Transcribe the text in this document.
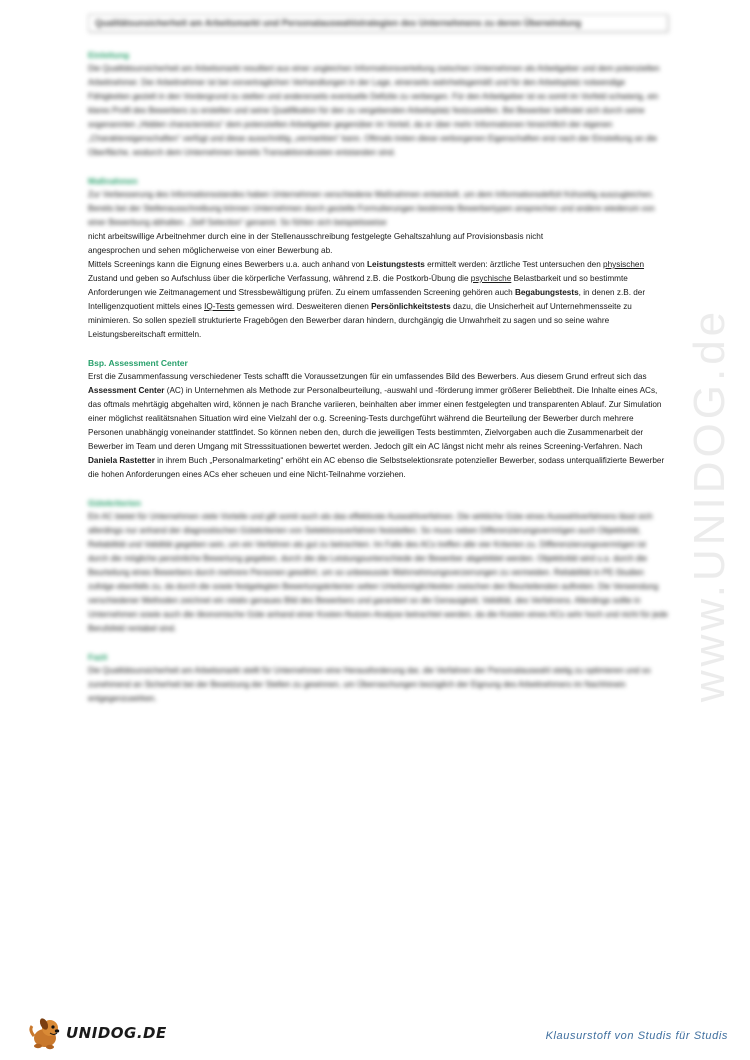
Qualitätsunsicherheit am Arbeitsmarkt und Personalauswahlstrategien des Unternehmens zu deren Überwindung
Einleitung

Die Qualitätsunsicherheit am Arbeitsmarkt resultiert aus einer ungleichen Informationsverteilung zwischen Unternehmen als Arbeitgeber und dem potenziellen Arbeitnehmer. Der Arbeitnehmer ist bei vorvertraglichen Verhandlungen in der Lage, einerseits wahrheitsgemäß und für den Arbeitsplatz notwendige Fähigkeiten gezielt in den Vordergrund zu stellen und andererseits eventuelle Defizite zu verbergen. Für den Arbeitgeber ist es somit im Vorfeld schwierig, ein klares Profil des Bewerbers zu erstellen und seine Qualifikation für den zu vergebenden Arbeitsplatz festzustellen. Bei Bewerber befindet sich durch seine sogenannten „Hidden characteristics“ dem potenziellen Arbeitgeber gegenüber im Vorteil, da er über mehr Informationen hinsichtlich der eigenen „Charaktereigenschaften“ verfügt und diese ausschnittig „vermarkten“ kann. Oftmals treten diese verborgenen Eigenschaften erst nach der Einstellung an die Oberfläche, wodurch dem Unternehmen bereits Transaktionskosten entstanden sind.

Maßnahmen

Zur Verbesserung des Informationsstandes haben Unternehmen verschiedene Maßnahmen entwickelt, um dem Informationsdefizit frühzeitig auszugleichen. Bereits bei der Stellenausschreibung können Unternehmen durch gezielte Formulierungen bestimmte Bewerbertypen ansprechen und andere wiederum von einer Bewerbung abhalten. „Self Selection“ genannt. So fühlen sich beispielsweise

nicht arbeitswillige Arbeitnehmer durch eine in der Stellenausschreibung festgelegte Gehaltszahlung auf Provisionsbasis nicht

angesprochen und sehen möglicherweise von einer Bewerbung ab.

Mittels Screenings kann die Eignung eines Bewerbers u.a. auch anhand von Leistungstests ermittelt werden: ärztliche Test untersuchen den physischen Zustand und geben so Aufschluss über die körperliche Verfassung, während z.B. die Postkorb-Übung die psychische Belastbarkeit und so bestimmte Anforderungen wie Zeitmanagement und Stressbewältigung prüfen. Zu einem umfassenden Screening gehören auch Begabungstests, in denen z.B. der Intelligenzquotient mittels eines IQ-Tests gemessen wird. Desweiteren dienen Persönlichkeitstests dazu, die Unsicherheit auf Unternehmensseite zu minimieren. So sollen speziell strukturierte Fragebögen den Bewerber daran hindern, durchgängig die Unwahrheit zu sagen und so seine wahre Leistungsbereitschaft ermitteln.

Bsp. Assessment Center

Erst die Zusammenfassung verschiedener Tests schafft die Voraussetzungen für ein umfassendes Bild des Bewerbers. Aus diesem Grund erfreut sich das Assessment Center (AC) in Unternehmen als Methode zur Personalbeurteilung, -auswahl und -förderung immer größerer Beliebtheit. Die Inhalte eines ACs, das oftmals mehrtägig abgehalten wird, können je nach Branche variieren, beinhalten aber immer einen festgelegten und transparenten Ablauf. Zur Simulation einer möglichst realitätsnahen Situation wird eine Vielzahl der o.g. Screening-Tests durchgeführt während die Beurteilung der Bewerber durch mehrere Personen unabhängig voneinander stattfindet. So können neben den, durch die jeweiligen Tests bestimmten, Zielvorgaben auch die Zusammenarbeit der Bewerber im Team und deren Umgang mit Stresssituationen bewertet werden. Jedoch gilt ein AC längst nicht mehr als reines Screening-Verfahren. Nach Daniela Rastetter in ihrem Buch „Personalmarketing“ erhöht ein AC ebenso die Selbstselektionsrate potenzieller Bewerber, sodass unterqualifizierte Bewerber die hohen Anforderungen eines ACs eher scheuen und eine Nicht-Teilnahme vorziehen.

Gütekriterien

Ein AC bietet für Unternehmen viele Vorteile und gilt somit auch als das effektivste Auswahlverfahren. Die wirkliche Güte eines Auswahlverfahrens lässt sich allerdings nur anhand der diagnostischen Gütekriterien von Selektionsverfahren feststellen. So muss neben Differenzierungsvermögen auch Objektivität, Reliabilität und Validität gegeben sein, um ein Verfahren als gut zu betrachten. Im Falle des ACs treffen alle vier Kriterien zu. Differenzierungsvermögen ist durch die mögliche persönliche Bewertung gegeben, durch die die Leistungsunterschiede der Bewerber abgebildet werden. Objektivität wird u.a. durch die Beurteilung eines Bewerbers durch mehrere Personen gewährt, um so unbewusste Wahrnehmungsverzerrungen zu vermeiden. Reliabilität in PE-Studien zufolge ebenfalls zu, da durch die sowie festgelegten Bewertungskriterien selten Urteilsmöglichkeiten zwischen den Beurteilenden auftreten. Die Verwendung verschiedener Methoden zeichnet ein relativ genaues Bild des Bewerbers und garantiert so die Genauigkeit, Validität, des Verfahrens. Allerdings sollte in Unternehmen sowie auch die ökonomische Güte anhand einer Kosten-Nutzen-Analyse betrachtet werden, da die Kosten eines ACs sehr hoch und nicht für jede Berufsfeld rentabel sind.

Fazit

Die Qualitätsunsicherheit am Arbeitsmarkt stellt für Unternehmen eine Herausforderung dar, die Verfahren der Personalauswahl stetig zu optimieren und so zunehmend an Sicherheit bei der Besetzung der Stellen zu gewinnen, um Überraschungen bezüglich der Eignung des Arbeitnehmers im Nachhinein entgegenzuwirken.	www.UNIDOG.de
UNIDOG.DE	Klausurstoff von Studis für Studis
